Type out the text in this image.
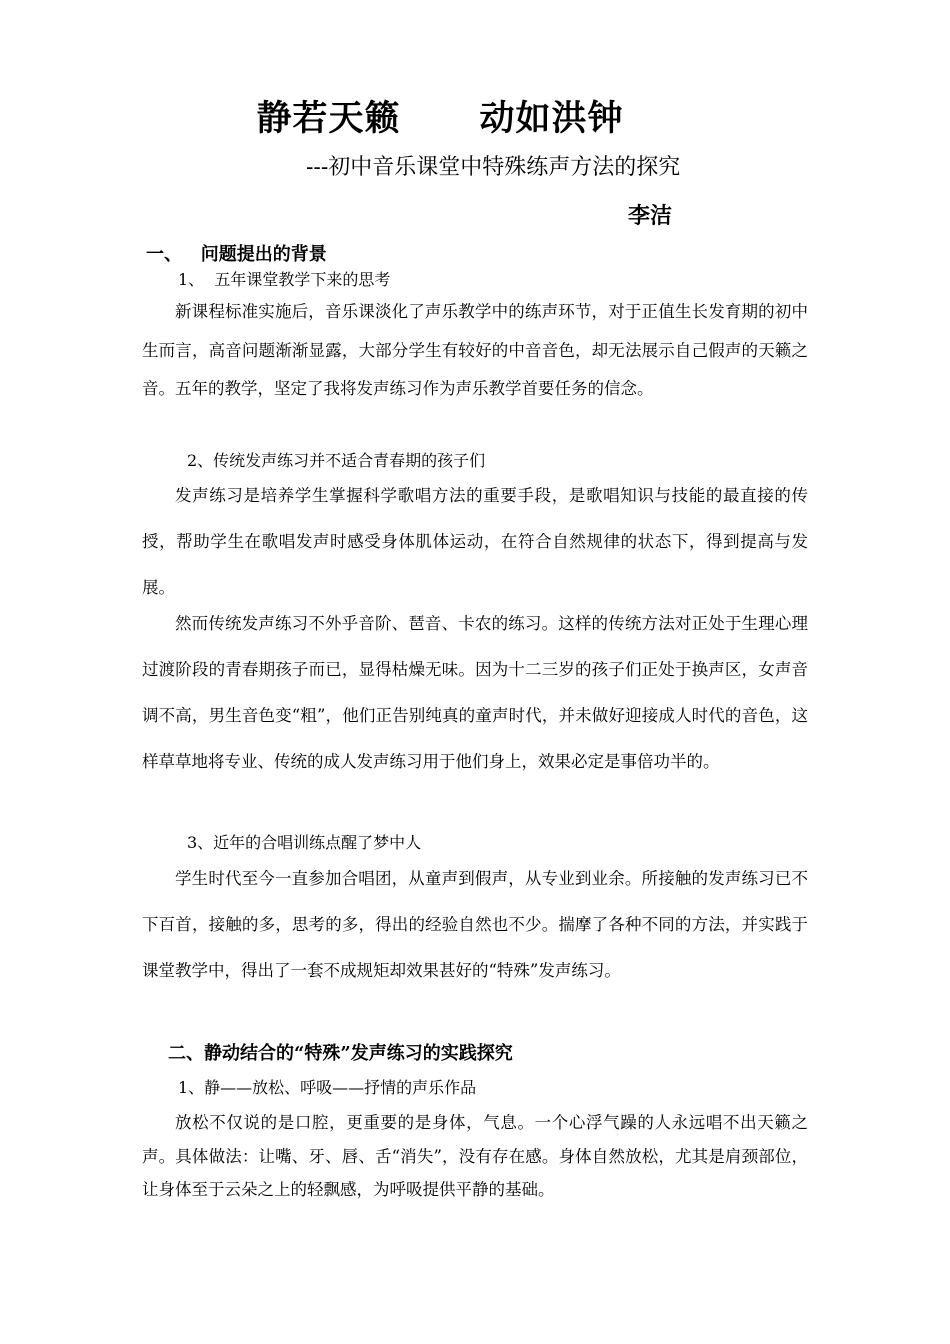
静若天籁      动如洪钟
---初中音乐课堂中特殊练声方法的探究
李洁
一、   问题提出的背景
1、  五年课堂教学下来的思考

新课程标准实施后，音乐课淡化了声乐教学中的练声环节，对于正值生长发育期的初中生而言，高音问题渐渐显露，大部分学生有较好的中音音色，却无法展示自己假声的天籁之音。五年的教学，坚定了我将发声练习作为声乐教学首要任务的信念。

2、传统发声练习并不适合青春期的孩子们

发声练习是培养学生掌握科学歌唱方法的重要手段，是歌唱知识与技能的最直接的传授，帮助学生在歌唱发声时感受身体肌体运动，在符合自然规律的状态下，得到提高与发展。

然而传统发声练习不外乎音阶、琶音、卡农的练习。这样的传统方法对正处于生理心理过渡阶段的青春期孩子而已，显得枯燥无味。因为十二三岁的孩子们正处于换声区，女声音调不高，男生音色变“粗”，他们正告别纯真的童声时代，并未做好迎接成人时代的音色，这样草草地将专业、传统的成人发声练习用于他们身上，效果必定是事倍功半的。

3、近年的合唱训练点醒了梦中人

学生时代至今一直参加合唱团，从童声到假声，从专业到业余。所接触的发声练习已不下百首，接触的多，思考的多，得出的经验自然也不少。揣摩了各种不同的方法，并实践于课堂教学中，得出了一套不成规矩却效果甚好的“特殊”发声练习。

二、静动结合的“特殊”发声练习的实践探究
1、静——放松、呼吸——抒情的声乐作品

放松不仅说的是口腔，更重要的是身体，气息。一个心浮气躁的人永远唱不出天籁之声。具体做法：让嘴、牙、唇、舌“消失”，没有存在感。身体自然放松，尤其是肩颈部位，让身体至于云朵之上的轻飘感，为呼吸提供平静的基础。
